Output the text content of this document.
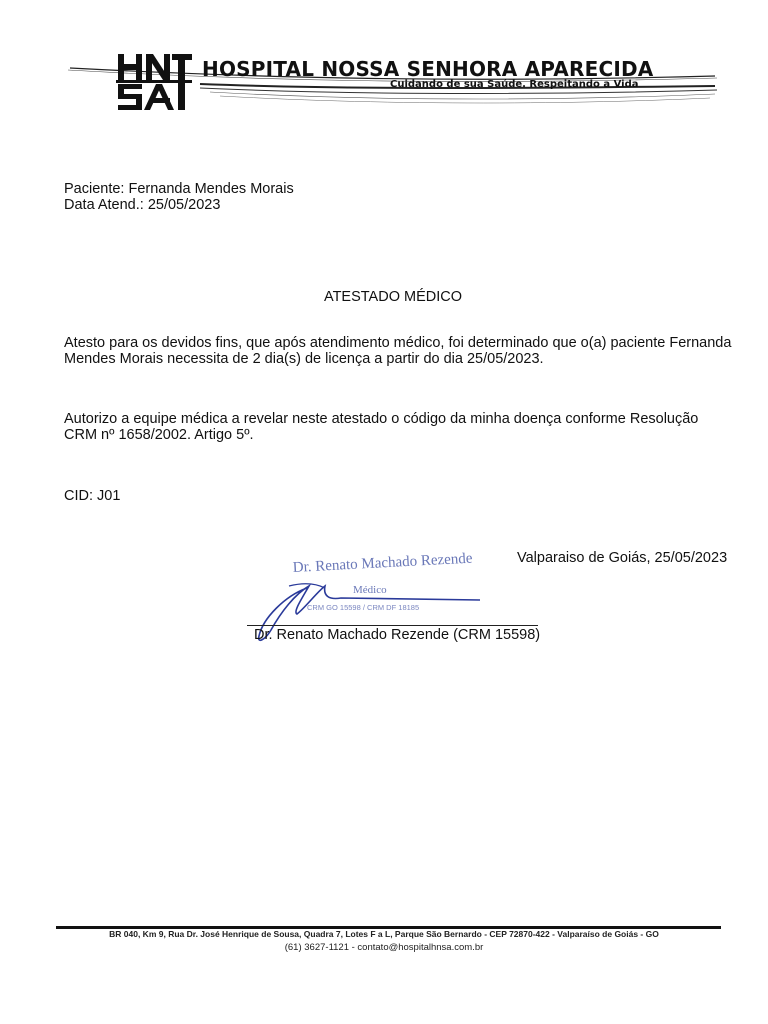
HOSPITAL NOSSA SENHORA APARECIDA
Cuidando de sua Saúde. Respeitando a Vida
Paciente: Fernanda Mendes Morais
Data Atend.: 25/05/2023
ATESTADO MÉDICO
Atesto para os devidos fins, que após atendimento médico, foi determinado que o(a) paciente Fernanda Mendes Morais necessita de 2 dia(s) de licença a partir do dia 25/05/2023.
Autorizo a equipe médica a revelar neste atestado o código da minha doença conforme Resolução CRM nº 1658/2002. Artigo 5º.
CID: J01
Valparaiso de Goiás, 25/05/2023
Dr. Renato Machado Rezende
Médico
CRM GO 15598 / CRM DF 18185
Dr. Renato Machado Rezende (CRM 15598)
BR 040, Km 9, Rua Dr. José Henrique de Sousa, Quadra 7, Lotes F a L, Parque São Bernardo - CEP 72870-422 - Valparaíso de Goiás - GO
(61) 3627-1121 - contato@hospitalhnsa.com.br
